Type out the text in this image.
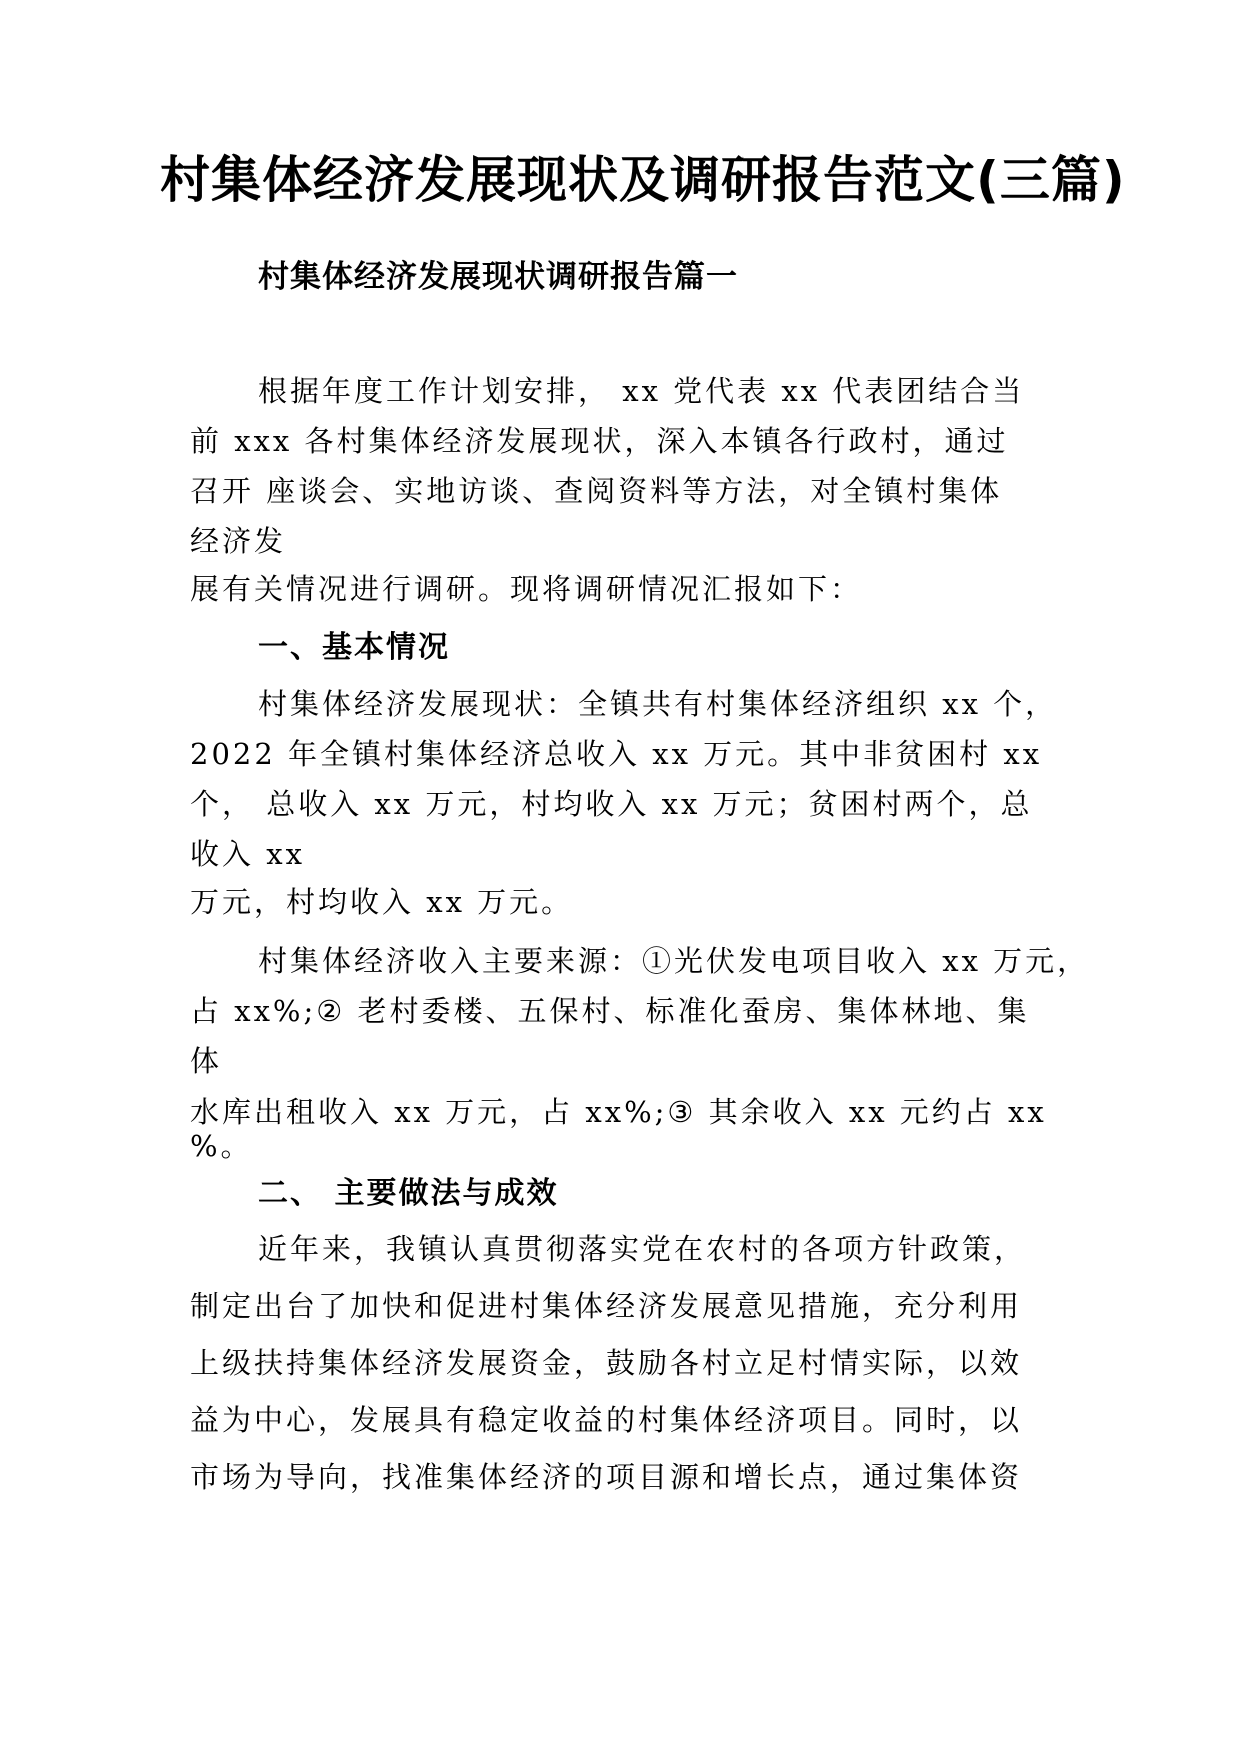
村集体经济发展现状及调研报告范文(三篇)
村集体经济发展现状调研报告篇一

根据年度工作计划安排， xx 党代表 xx 代表团结合当

前 xxx 各村集体经济发展现状，深入本镇各行政村，通过

召开 座谈会、实地访谈、查阅资料等方法，对全镇村集体

经济发

展有关情况进行调研。现将调研情况汇报如下：

一、基本情况

村集体经济发展现状：全镇共有村集体经济组织 xx 个，

2022 年全镇村集体经济总收入 xx 万元。其中非贫困村 xx

个， 总收入 xx 万元，村均收入 xx 万元；贫困村两个，总

收入 xx

万元，村均收入 xx 万元。

村集体经济收入主要来源：①光伏发电项目收入 xx 万元，

占 xx%;② 老村委楼、五保村、标准化蚕房、集体林地、集

体

水库出租收入 xx 万元，占 xx%;③ 其余收入 xx 元约占 xx

%。

二、 主要做法与成效

近年来，我镇认真贯彻落实党在农村的各项方针政策，

制定出台了加快和促进村集体经济发展意见措施，充分利用

上级扶持集体经济发展资金，鼓励各村立足村情实际，以效

益为中心，发展具有稳定收益的村集体经济项目。同时，以

市场为导向，找准集体经济的项目源和增长点，通过集体资
